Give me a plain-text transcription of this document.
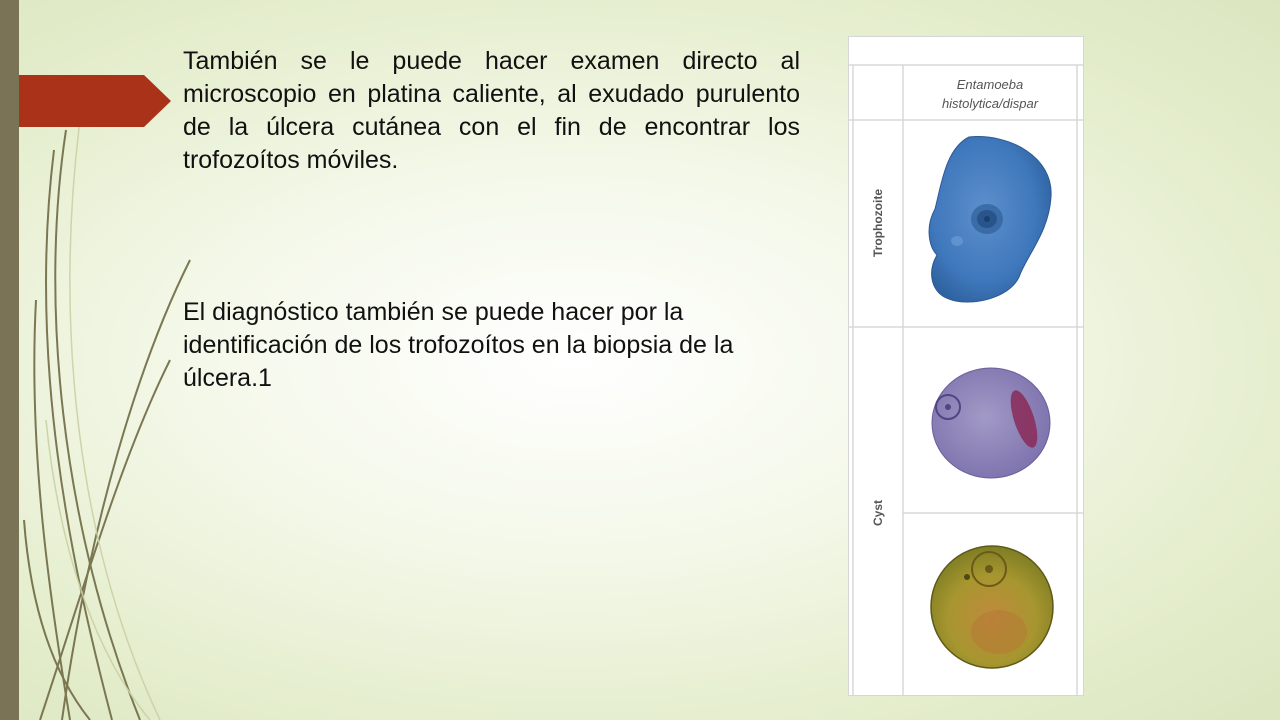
También se le puede hacer examen directo al microscopio en platina caliente, al exudado purulento de la úlcera cutánea con el fin de encontrar los trofozoítos móviles.
El diagnóstico también se puede hacer por la identificación de los trofozoítos en la biopsia de la úlcera.1
Entamoeba
histolytica/dispar
Trophozoite
Cyst
